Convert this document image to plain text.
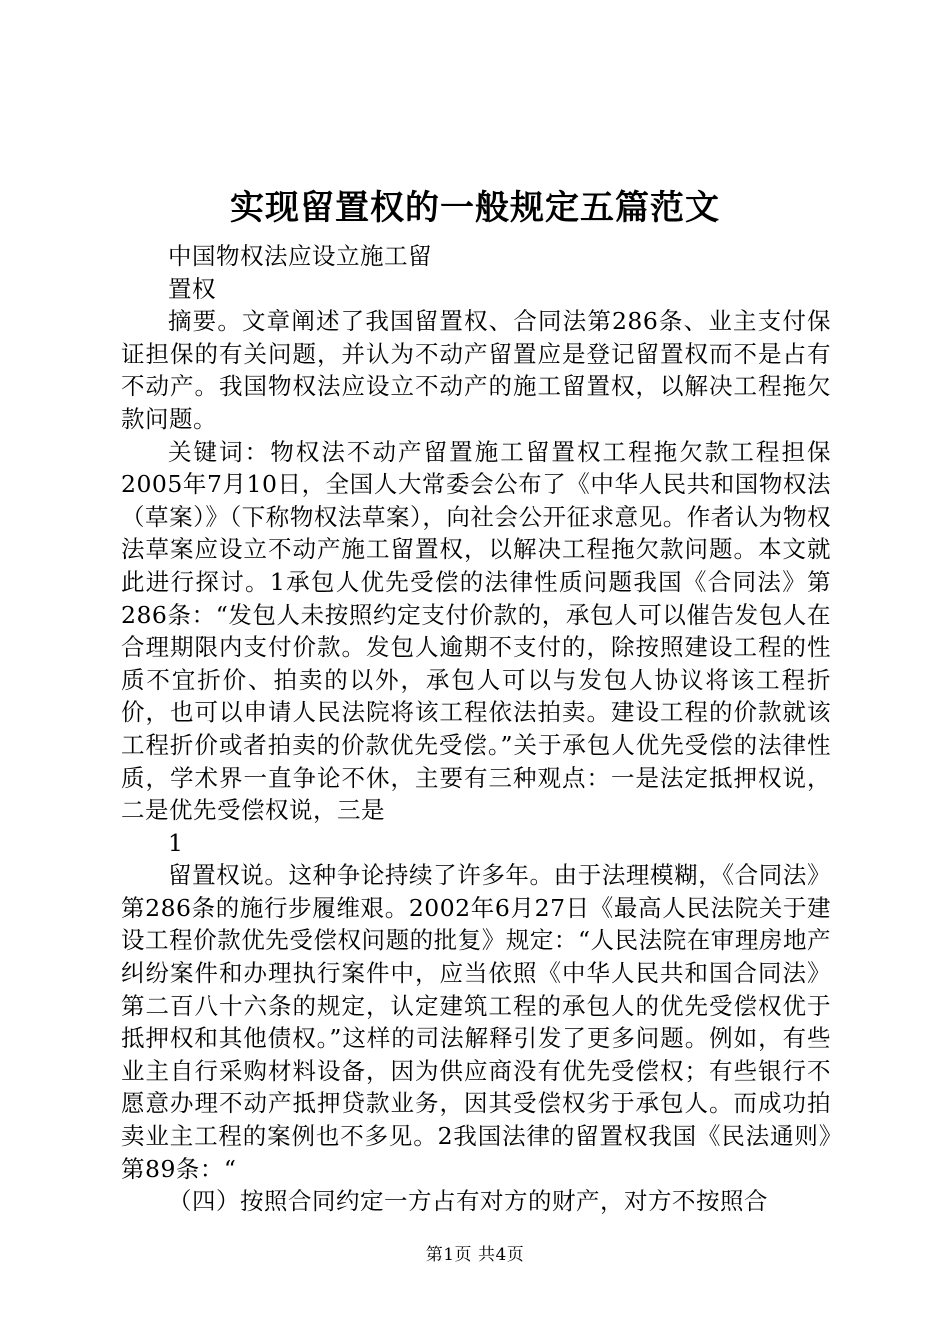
实现留置权的一般规定五篇范文

中国物权法应设立施工留

置权

摘要。文章阐述了我国留置权、合同法第286条、业主支付保证担保的有关问题，并认为不动产留置应是登记留置权而不是占有不动产。我国物权法应设立不动产的施工留置权，以解决工程拖欠款问题。

关键词：物权法不动产留置施工留置权工程拖欠款工程担保2005年7月10日，全国人大常委会公布了《中华人民共和国物权法（草案）》（下称物权法草案），向社会公开征求意见。作者认为物权法草案应设立不动产施工留置权，以解决工程拖欠款问题。本文就此进行探讨。1承包人优先受偿的法律性质问题我国《合同法》第286条：“发包人未按照约定支付价款的，承包人可以催告发包人在合理期限内支付价款。发包人逾期不支付的，除按照建设工程的性质不宜折价、拍卖的以外，承包人可以与发包人协议将该工程折价，也可以申请人民法院将该工程依法拍卖。建设工程的价款就该工程折价或者拍卖的价款优先受偿。”关于承包人优先受偿的法律性质，学术界一直争论不休，主要有三种观点：一是法定抵押权说，二是优先受偿权说，三是

1

留置权说。这种争论持续了许多年。由于法理模糊，《合同法》第286条的施行步履维艰。2002年6月27日《最高人民法院关于建设工程价款优先受偿权问题的批复》规定：“人民法院在审理房地产纠纷案件和办理执行案件中，应当依照《中华人民共和国合同法》第二百八十六条的规定，认定建筑工程的承包人的优先受偿权优于抵押权和其他债权。”这样的司法解释引发了更多问题。例如，有些业主自行采购材料设备，因为供应商没有优先受偿权；有些银行不愿意办理不动产抵押贷款业务，因其受偿权劣于承包人。而成功拍卖业主工程的案例也不多见。2我国法律的留置权我国《民法通则》第89条：“

（四）按照合同约定一方占有对方的财产，对方不按照合

第1页 共4页
